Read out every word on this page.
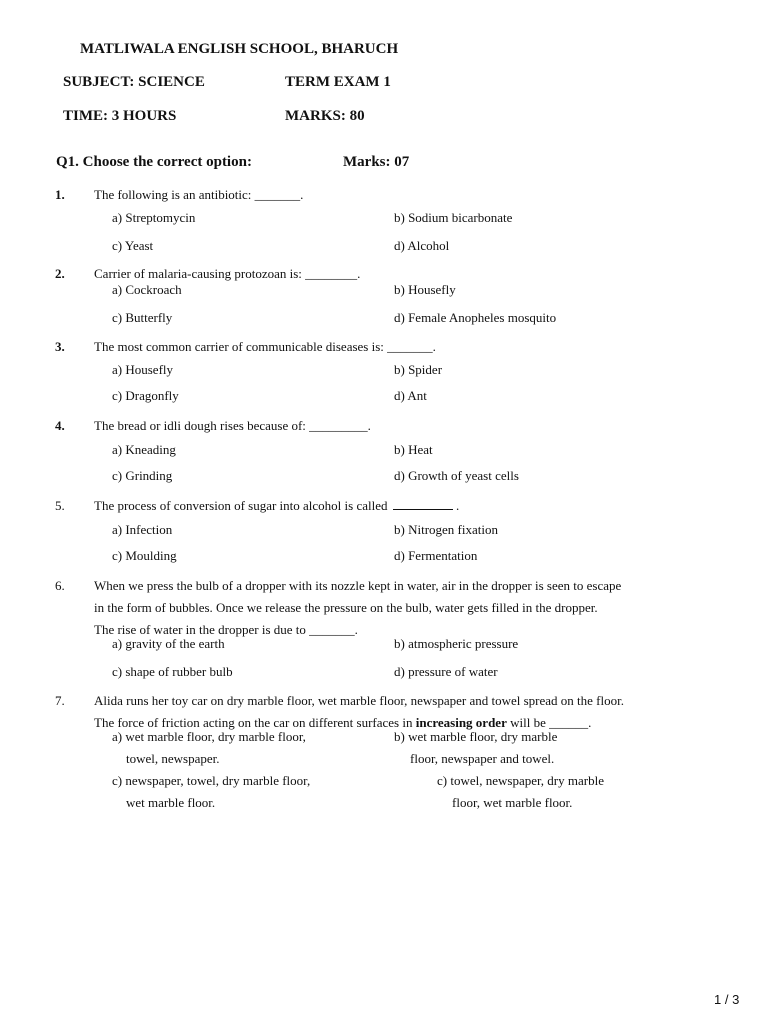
MATLIWALA ENGLISH SCHOOL, BHARUCH
SUBJECT: SCIENCE	TERM EXAM 1
TIME: 3 HOURS	MARKS: 80
Q1. Choose the correct option:	Marks: 07
1. The following is an antibiotic: _______.
a) Streptomycin	b) Sodium bicarbonate
c) Yeast	d) Alcohol
2. Carrier of malaria-causing protozoan is: ________.
a) Cockroach	b) Housefly
c) Butterfly	d) Female Anopheles mosquito
3. The most common carrier of communicable diseases is: _______.
a) Housefly	b) Spider
c) Dragonfly	d) Ant
4. The bread or idli dough rises because of: _________.
a) Kneading	b) Heat
c) Grinding	d) Growth of yeast cells
5. The process of conversion of sugar into alcohol is called	.
a) Infection	b) Nitrogen fixation
c) Moulding	d) Fermentation
6. When we press the bulb of a dropper with its nozzle kept in water, air in the dropper is seen to escape
in the form of bubbles. Once we release the pressure on the bulb, water gets filled in the dropper.
The rise of water in the dropper is due to _______.
a) gravity of the earth	b) atmospheric pressure
c) shape of rubber bulb	d) pressure of water
7. Alida runs her toy car on dry marble floor, wet marble floor, newspaper and towel spread on the floor.
The force of friction acting on the car on different surfaces in increasing order will be ______.
a) wet marble floor, dry marble floor,
towel, newspaper.
b) wet marble floor, dry marble
floor, newspaper and towel.
c) newspaper, towel, dry marble floor,
wet marble floor.
c) towel, newspaper, dry marble
floor, wet marble floor.
1 / 3
